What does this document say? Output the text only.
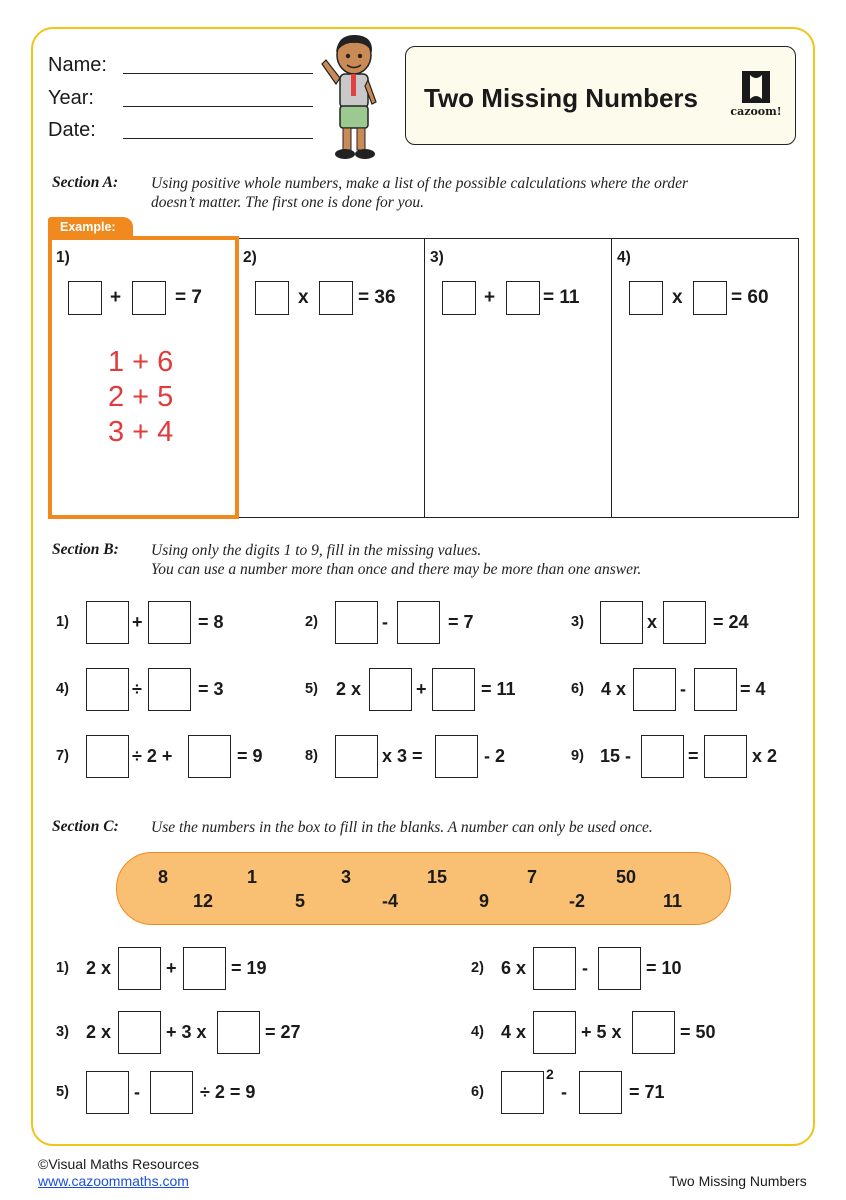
Name:
Year:
Date:
Two Missing Numbers	cazoom!
Section A: Using positive whole numbers, make a list of the possible calculations where the order
doesn’t matter. The first one is done for you.
Example:
1)
+	= 7
1 + 6
2 + 5
3 + 4
2)
x	= 36
3)
+	= 11
4)
x	= 60
Section B: Using only the digits 1 to 9, fill in the missing values.
You can use a number more than once and there may be more than one answer.
1)	+	= 8	2)	-	= 7	3)	x	= 24
4)	÷	= 3	5) 2 x	+	= 11	6) 4 x	-	= 4
7)	÷ 2 +	= 9	8)	x 3 =	- 2	9) 15 -	=	x 2
Section C: Use the numbers in the box to fill in the blanks. A number can only be used once.
8	1	3	15	7	50
12	5	-4	9	-2	11
1) 2 x	+	= 19	2) 6 x	-	= 10
3) 2 x	+ 3 x	= 27	4) 4 x	+ 5 x	= 50
5)	-	÷ 2 = 9	6)
2
-	= 71
©Visual Maths Resources
www.cazoommaths.com	Two Missing Numbers
